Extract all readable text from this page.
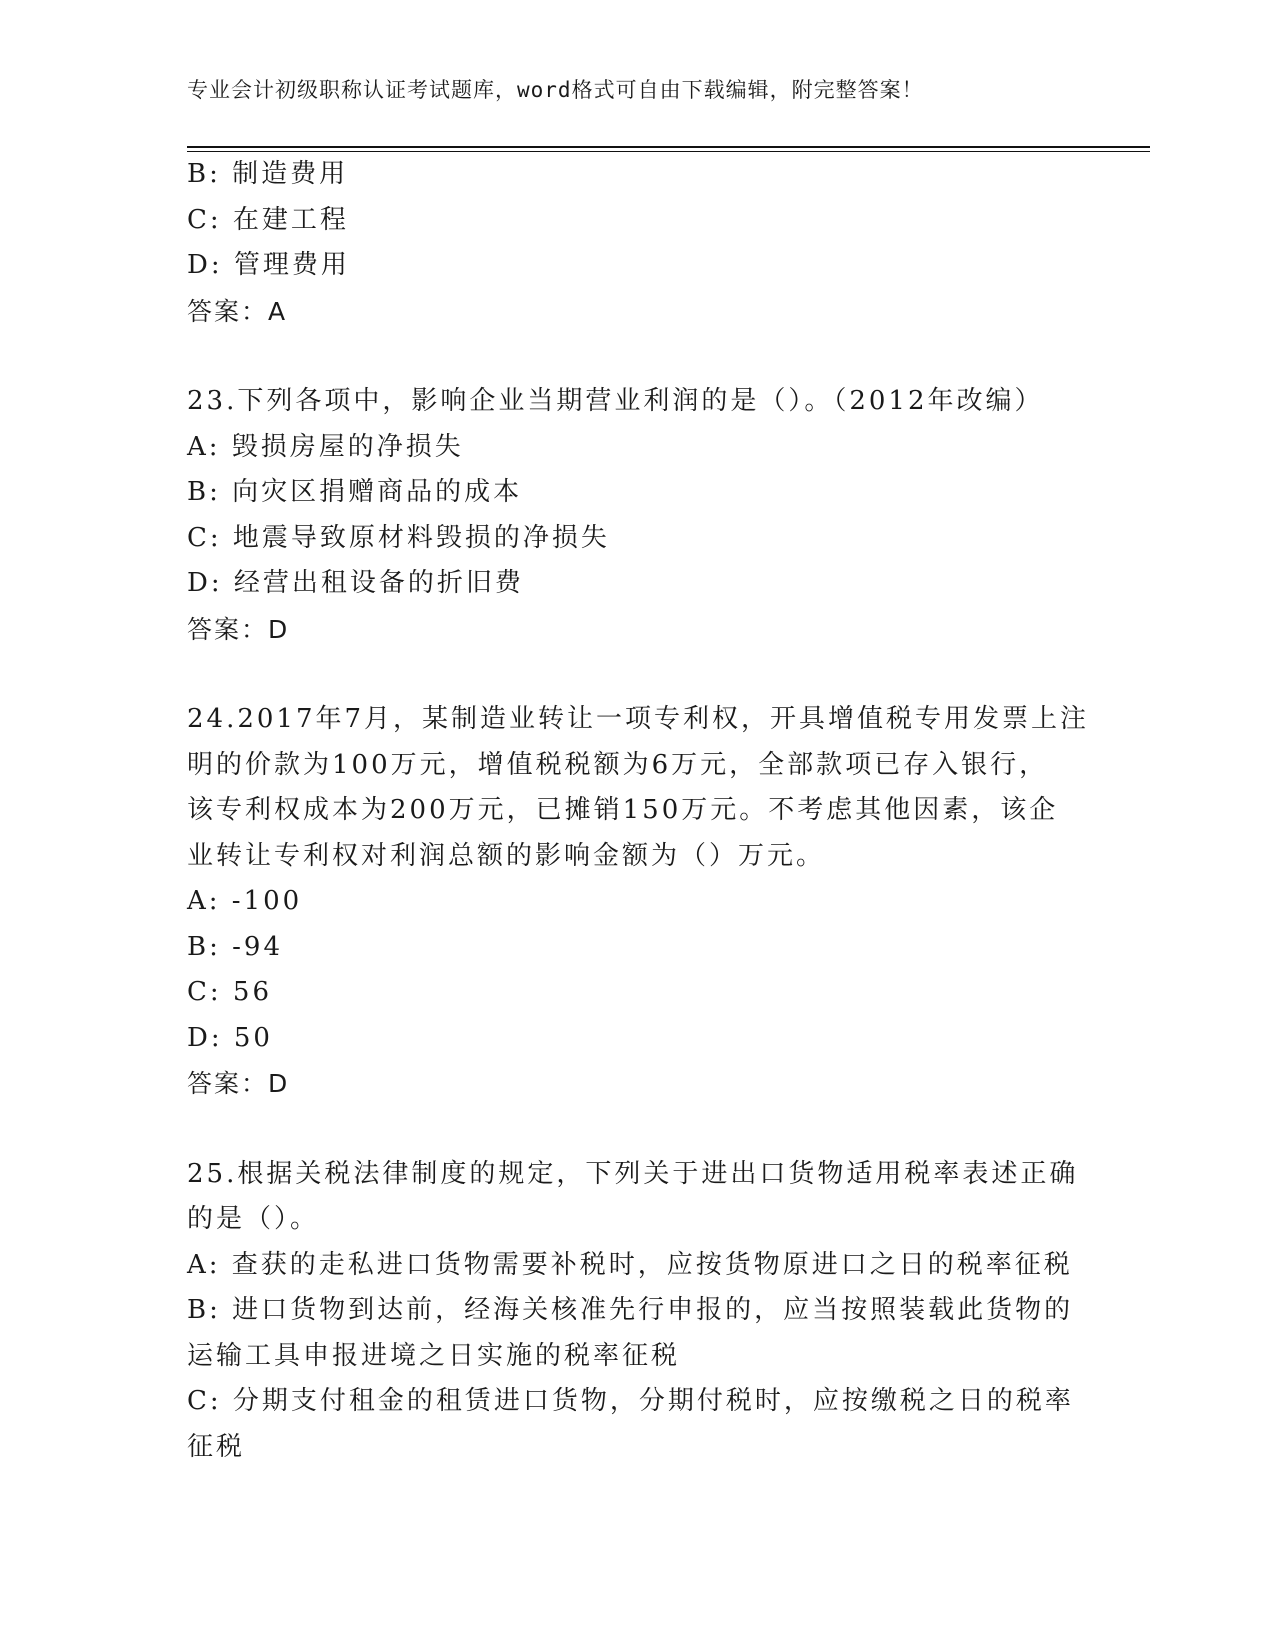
专业会计初级职称认证考试题库，word格式可自由下载编辑，附完整答案！

B: 制造费用

C: 在建工程

D: 管理费用

答案：A

23.下列各项中，影响企业当期营业利润的是（）。（2012年改编）

A: 毁损房屋的净损失

B: 向灾区捐赠商品的成本

C: 地震导致原材料毁损的净损失

D: 经营出租设备的折旧费

答案：D

24.2017年7月，某制造业转让一项专利权，开具增值税专用发票上注

明的价款为100万元，增值税税额为6万元，全部款项已存入银行，

该专利权成本为200万元，已摊销150万元。不考虑其他因素，该企

业转让专利权对利润总额的影响金额为（）万元。

A: -100

B: -94

C: 56

D: 50

答案：D

25.根据关税法律制度的规定，下列关于进出口货物适用税率表述正确

的是（）。

A: 查获的走私进口货物需要补税时，应按货物原进口之日的税率征税

B: 进口货物到达前，经海关核准先行申报的，应当按照装载此货物的

运输工具申报进境之日实施的税率征税

C: 分期支付租金的租赁进口货物，分期付税时，应按缴税之日的税率

征税
